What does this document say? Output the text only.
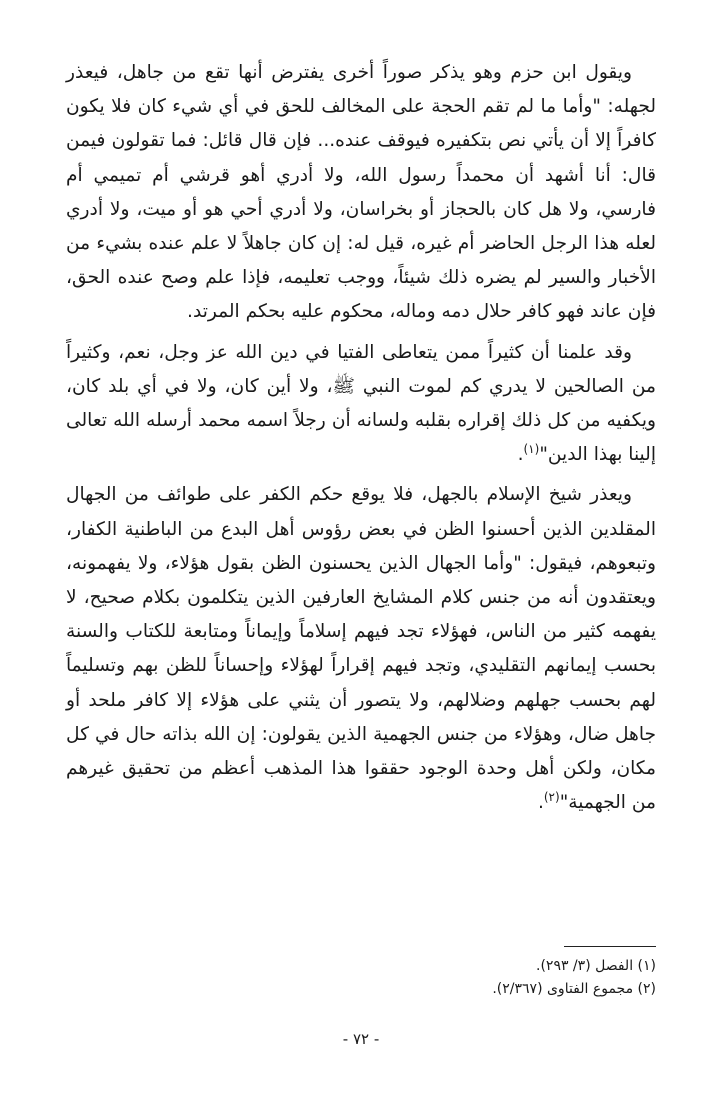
ويقول ابن حزم وهو يذكر صوراً أخرى يفترض أنها تقع من جاهل، فيعذر لجهله: "وأما ما لم تقم الحجة على المخالف للحق في أي شيء كان فلا يكون كافراً إلا أن يأتي نص بتكفيره فيوقف عنده... فإن قال قائل: فما تقولون فيمن قال: أنا أشهد أن محمداً رسول الله، ولا أدري أهو قرشي أم تميمي أم فارسي، ولا هل كان بالحجاز أو بخراسان، ولا أدري أحي هو أو ميت، ولا أدري لعله هذا الرجل الحاضر أم غيره، قيل له: إن كان جاهلاً لا علم عنده بشيء من الأخبار والسير لم يضره ذلك شيئاً، ووجب تعليمه، فإذا علم وصح عنده الحق، فإن عاند فهو كافر حلال دمه وماله، محكوم عليه بحكم المرتد.

وقد علمنا أن كثيراً ممن يتعاطى الفتيا في دين الله عز وجل، نعم، وكثيراً من الصالحين لا يدري كم لموت النبي ﷺ، ولا أين كان، ولا في أي بلد كان، ويكفيه من كل ذلك إقراره بقلبه ولسانه أن رجلاً اسمه محمد أرسله الله تعالى إلينا بهذا الدين"$^{(١)}$.

ويعذر شيخ الإسلام بالجهل، فلا يوقع حكم الكفر على طوائف من الجهال المقلدين الذين أحسنوا الظن في بعض رؤوس أهل البدع من الباطنية الكفار، وتبعوهم، فيقول: "وأما الجهال الذين يحسنون الظن بقول هؤلاء، ولا يفهمونه، ويعتقدون أنه من جنس كلام المشايخ العارفين الذين يتكلمون بكلام صحيح، لا يفهمه كثير من الناس، فهؤلاء تجد فيهم إسلاماً وإيماناً ومتابعة للكتاب والسنة بحسب إيمانهم التقليدي، وتجد فيهم إقراراً لهؤلاء وإحساناً للظن بهم وتسليماً لهم بحسب جهلهم وضلالهم، ولا يتصور أن يثني على هؤلاء إلا كافر ملحد أو جاهل ضال، وهؤلاء من جنس الجهمية الذين يقولون: إن الله بذاته حال في كل مكان، ولكن أهل وحدة الوجود حققوا هذا المذهب أعظم من تحقيق غيرهم من الجهمية"$^{(٢)}$.

(١) الفصل (٣/ ٢٩٣).

(٢) مجموع الفتاوى (٢/٣٦٧).

- ٧٢ -
